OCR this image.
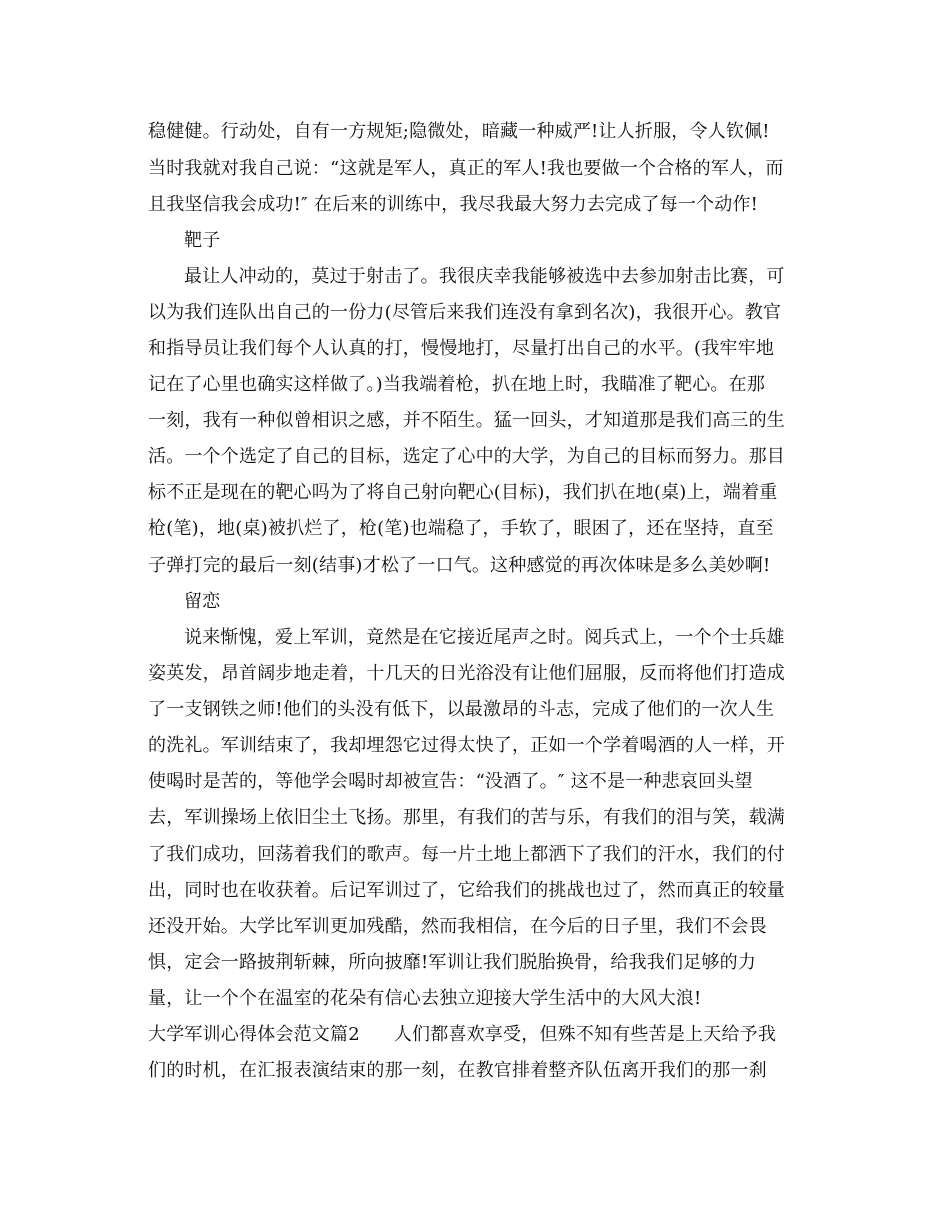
稳健健。行动处，自有一方规矩;隐微处，暗藏一种威严!让人折服，令人钦佩!
当时我就对我自己说：“这就是军人，真正的军人!我也要做一个合格的军人，而
且我坚信我会成功!″ 在后来的训练中，我尽我最大努力去完成了每一个动作!
靶子
最让人冲动的，莫过于射击了。我很庆幸我能够被选中去参加射击比赛，可
以为我们连队出自己的一份力(尽管后来我们连没有拿到名次)，我很开心。教官
和指导员让我们每个人认真的打，慢慢地打，尽量打出自己的水平。(我牢牢地
记在了心里也确实这样做了。)当我端着枪，扒在地上时，我瞄准了靶心。在那
一刻，我有一种似曾相识之感，并不陌生。猛一回头，才知道那是我们高三的生
活。一个个选定了自己的目标，选定了心中的大学，为自己的目标而努力。那目
标不正是现在的靶心吗为了将自己射向靶心(目标)，我们扒在地(桌)上，端着重
枪(笔)，地(桌)被扒烂了，枪(笔)也端稳了，手软了，眼困了，还在坚持，直至
子弹打完的最后一刻(结事)才松了一口气。这种感觉的再次体味是多么美妙啊!
留恋
说来惭愧，爱上军训，竟然是在它接近尾声之时。阅兵式上，一个个士兵雄
姿英发，昂首阔步地走着，十几天的日光浴没有让他们屈服，反而将他们打造成
了一支钢铁之师!他们的头没有低下，以最激昂的斗志，完成了他们的一次人生
的洗礼。军训结束了，我却埋怨它过得太快了，正如一个学着喝酒的人一样，开
使喝时是苦的，等他学会喝时却被宣告：“没酒了。″ 这不是一种悲哀回头望
去，军训操场上依旧尘土飞扬。那里，有我们的苦与乐，有我们的泪与笑，载满
了我们成功，回荡着我们的歌声。每一片土地上都洒下了我们的汗水，我们的付
出，同时也在收获着。后记军训过了，它给我们的挑战也过了，然而真正的较量
还没开始。大学比军训更加残酷，然而我相信，在今后的日子里，我们不会畏
惧，定会一路披荆斩棘，所向披靡!军训让我们脱胎换骨，给我我们足够的力
量，让一个个在温室的花朵有信心去独立迎接大学生活中的大风大浪!
大学军训心得体会范文篇2 人们都喜欢享受，但殊不知有些苦是上天给予我
们的时机，在汇报表演结束的那一刻，在教官排着整齐队伍离开我们的那一刹
